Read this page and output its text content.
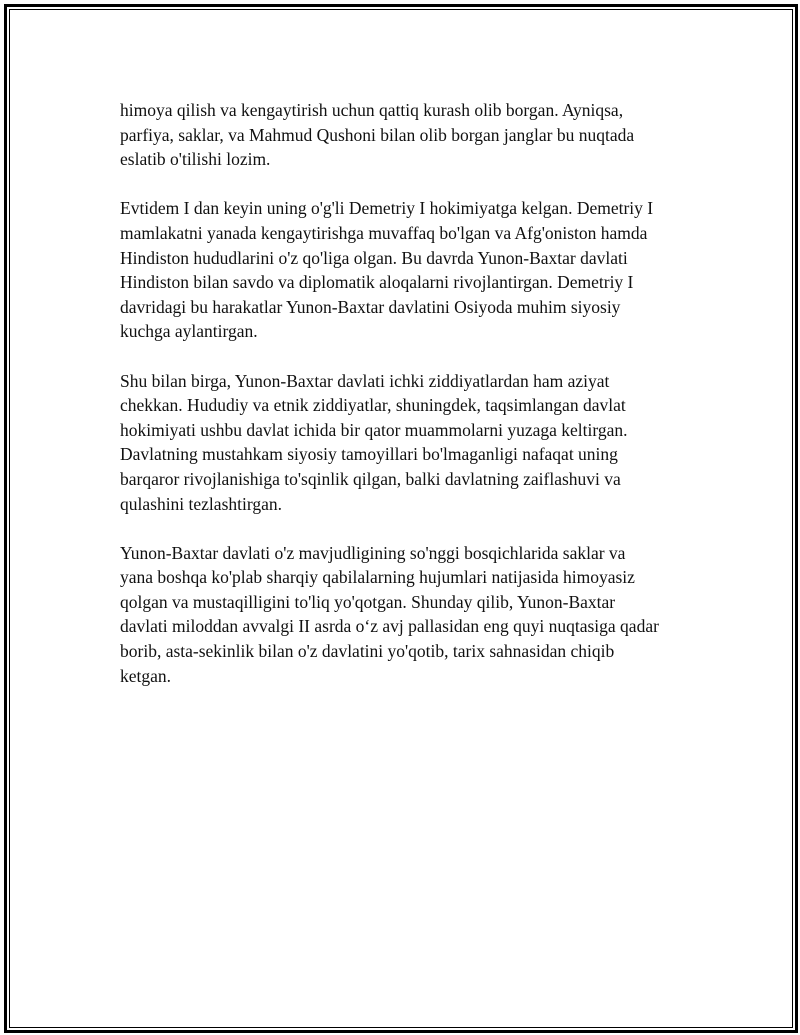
himoya qilish va kengaytirish uchun qattiq kurash olib borgan. Ayniqsa,
parfiya, saklar, va Mahmud Qushoni bilan olib borgan janglar bu nuqtada
eslatib o'tilishi lozim.

Evtidem I dan keyin uning o'g'li Demetriy I hokimiyatga kelgan. Demetriy I
mamlakatni yanada kengaytirishga muvaffaq bo'lgan va Afg'oniston hamda
Hindiston hududlarini o'z qo'liga olgan. Bu davrda Yunon-Baxtar davlati
Hindiston bilan savdo va diplomatik aloqalarni rivojlantirgan. Demetriy I
davridagi bu harakatlar Yunon-Baxtar davlatini Osiyoda muhim siyosiy
kuchga aylantirgan.

Shu bilan birga, Yunon-Baxtar davlati ichki ziddiyatlardan ham aziyat
chekkan. Hududiy va etnik ziddiyatlar, shuningdek, taqsimlangan davlat
hokimiyati ushbu davlat ichida bir qator muammolarni yuzaga keltirgan.
Davlatning mustahkam siyosiy tamoyillari bo'lmaganligi nafaqat uning
barqaror rivojlanishiga to'sqinlik qilgan, balki davlatning zaiflashuvi va
qulashini tezlashtirgan.

Yunon-Baxtar davlati o'z mavjudligining so'nggi bosqichlarida saklar va
yana boshqa ko'plab sharqiy qabilalarning hujumlari natijasida himoyasiz
qolgan va mustaqilligini to'liq yo'qotgan. Shunday qilib, Yunon-Baxtar
davlati miloddan avvalgi II asrda o‘z avj pallasidan eng quyi nuqtasiga qadar
borib, asta-sekinlik bilan o'z davlatini yo'qotib, tarix sahnasidan chiqib
ketgan.
